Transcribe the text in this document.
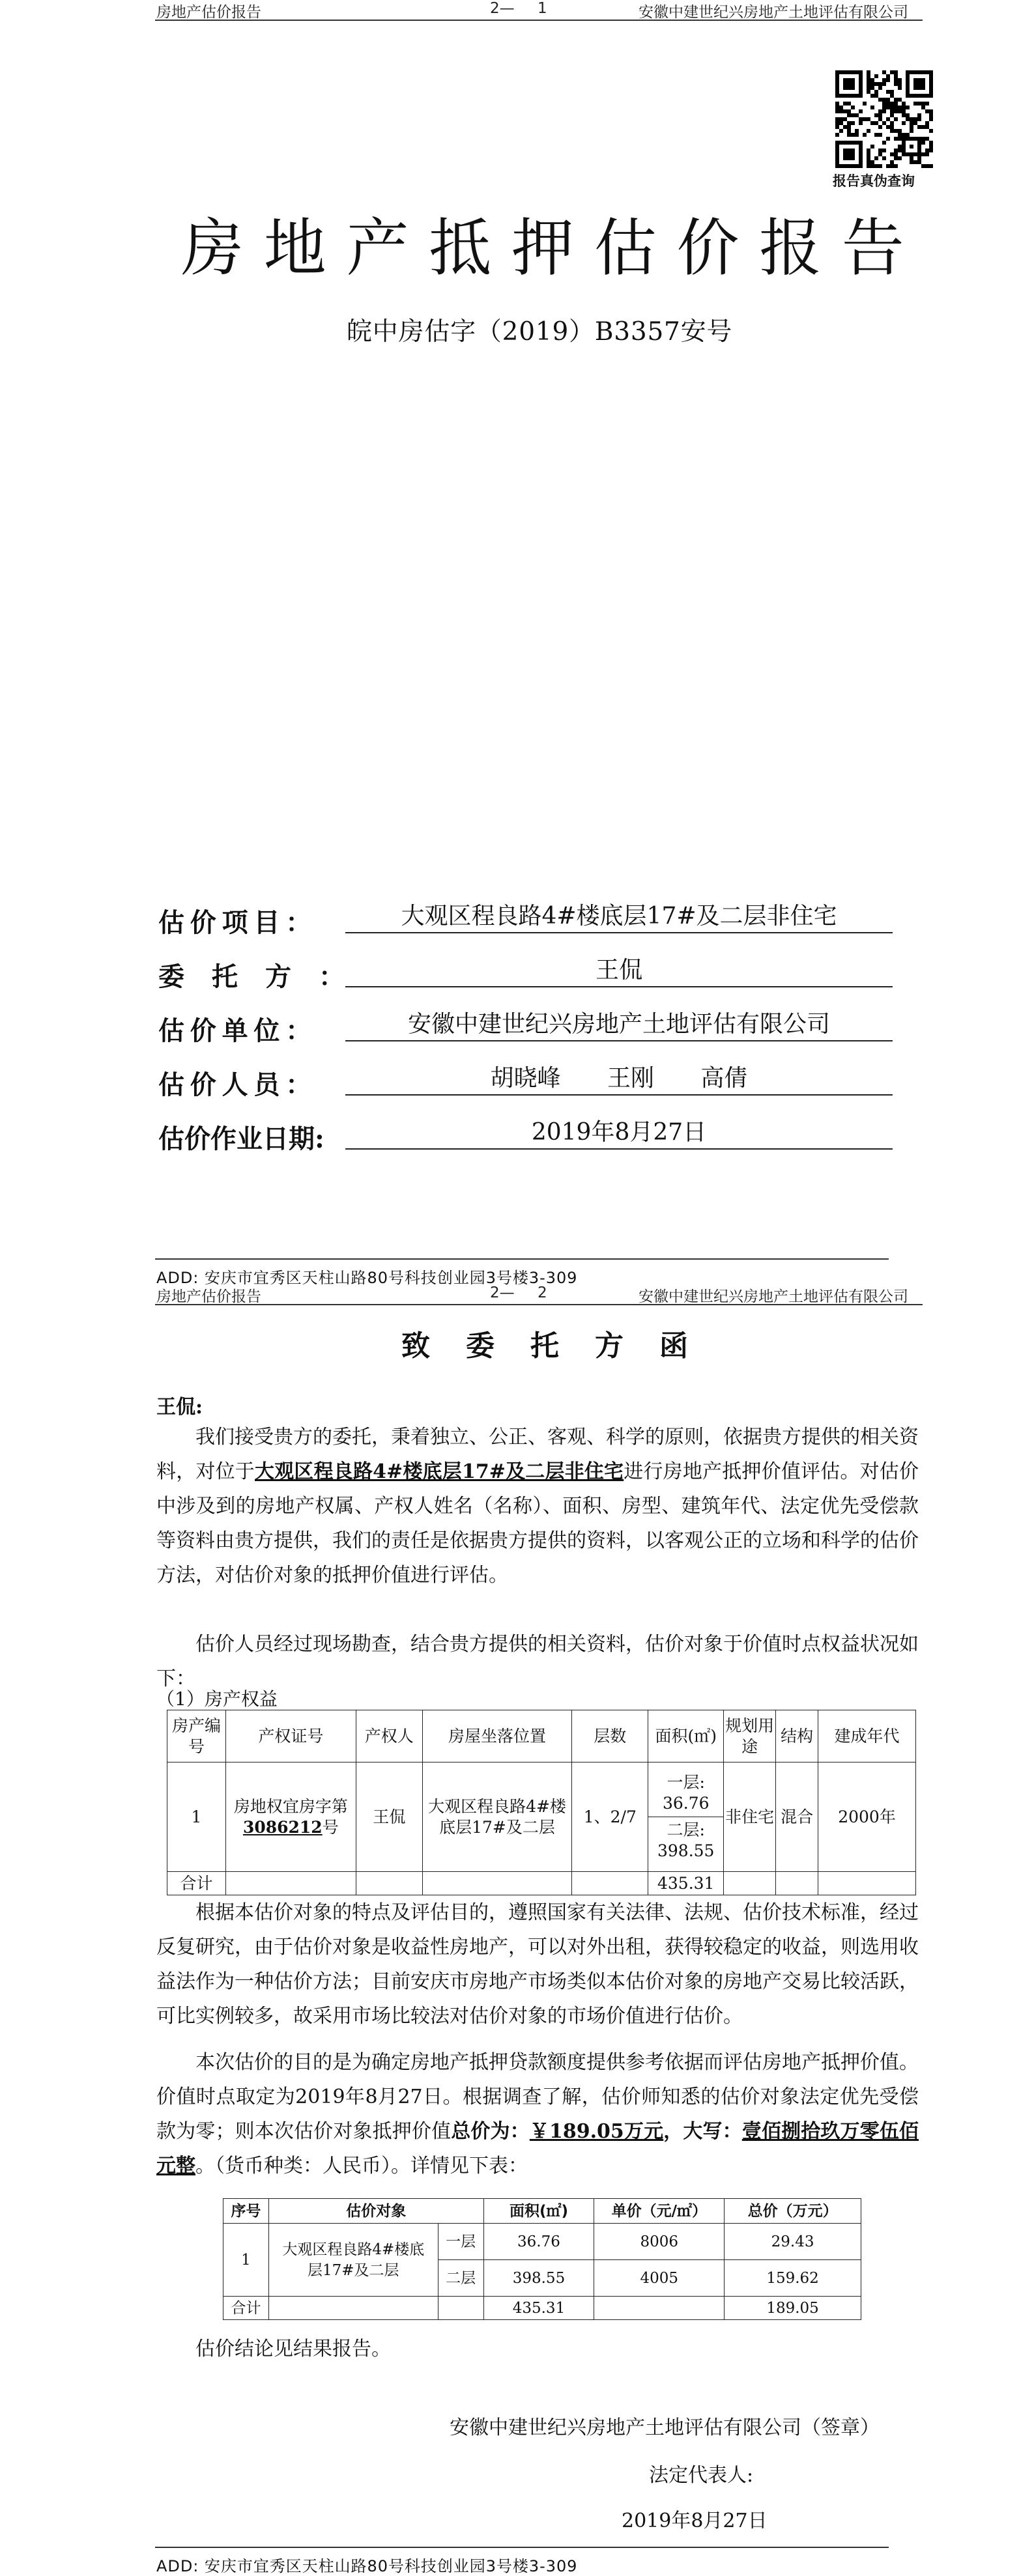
房地产估价报告	2— 1	安徽中建世纪兴房地产土地评估有限公司
报告真伪查询
房地产抵押估价报告
皖中房估字（2019）B3357安号
估价项目：	大观区程良路4#楼底层17#及二层非住宅
委托方：	王侃
估价单位：	安徽中建世纪兴房地产土地评估有限公司
估价人员：	胡晓峰 王刚 高倩
估价作业日期:	2019年8月27日
ADD: 安庆市宜秀区天柱山路80号科技创业园3号楼3-309
房地产估价报告	2— 2	安徽中建世纪兴房地产土地评估有限公司
致委托方函
王侃:
我们接受贵方的委托，秉着独立、公正、客观、科学的原则，依据贵方提供的相关资料，对位于大观区程良路4#楼底层17#及二层非住宅进行房地产抵押价值评估。对估价中涉及到的房地产权属、产权人姓名（名称）、面积、房型、建筑年代、法定优先受偿款等资料由贵方提供，我们的责任是依据贵方提供的资料，以客观公正的立场和科学的估价方法，对估价对象的抵押价值进行评估。
估价人员经过现场勘查，结合贵方提供的相关资料，估价对象于价值时点权益状况如下：
（1）房产权益
房产编号	产权证号	产权人	房屋坐落位置	层数	面积(㎡)	规划用途	结构	建成年代
1	房地权宜房字第3086212号	王侃	大观区程良路4#楼底层17#及二层	1、2/7	一层:
36.76
二层:
398.55	非住宅	混合	2000年
合计					435.31			
根据本估价对象的特点及评估目的，遵照国家有关法律、法规、估价技术标准，经过反复研究，由于估价对象是收益性房地产，可以对外出租，获得较稳定的收益，则选用收益法作为一种估价方法；目前安庆市房地产市场类似本估价对象的房地产交易比较活跃，可比实例较多，故采用市场比较法对估价对象的市场价值进行估价。
本次估价的目的是为确定房地产抵押贷款额度提供参考依据而评估房地产抵押价值。价值时点取定为2019年8月27日。根据调查了解，估价师知悉的估价对象法定优先受偿款为零；则本次估价对象抵押价值总价为：￥189.05万元，大写：壹佰捌拾玖万零伍佰元整。（货币种类：人民币）。详情见下表：
序号	估价对象		面积(㎡)	单价（元/㎡）	总价（万元）
1	大观区程良路4#楼底层17#及二层	一层	36.76	8006	29.43
		二层	398.55	4005	159.62
合计			435.31		189.05
估价结论见结果报告。
安徽中建世纪兴房地产土地评估有限公司（签章）
法定代表人:
2019年8月27日
ADD: 安庆市宜秀区天柱山路80号科技创业园3号楼3-309
